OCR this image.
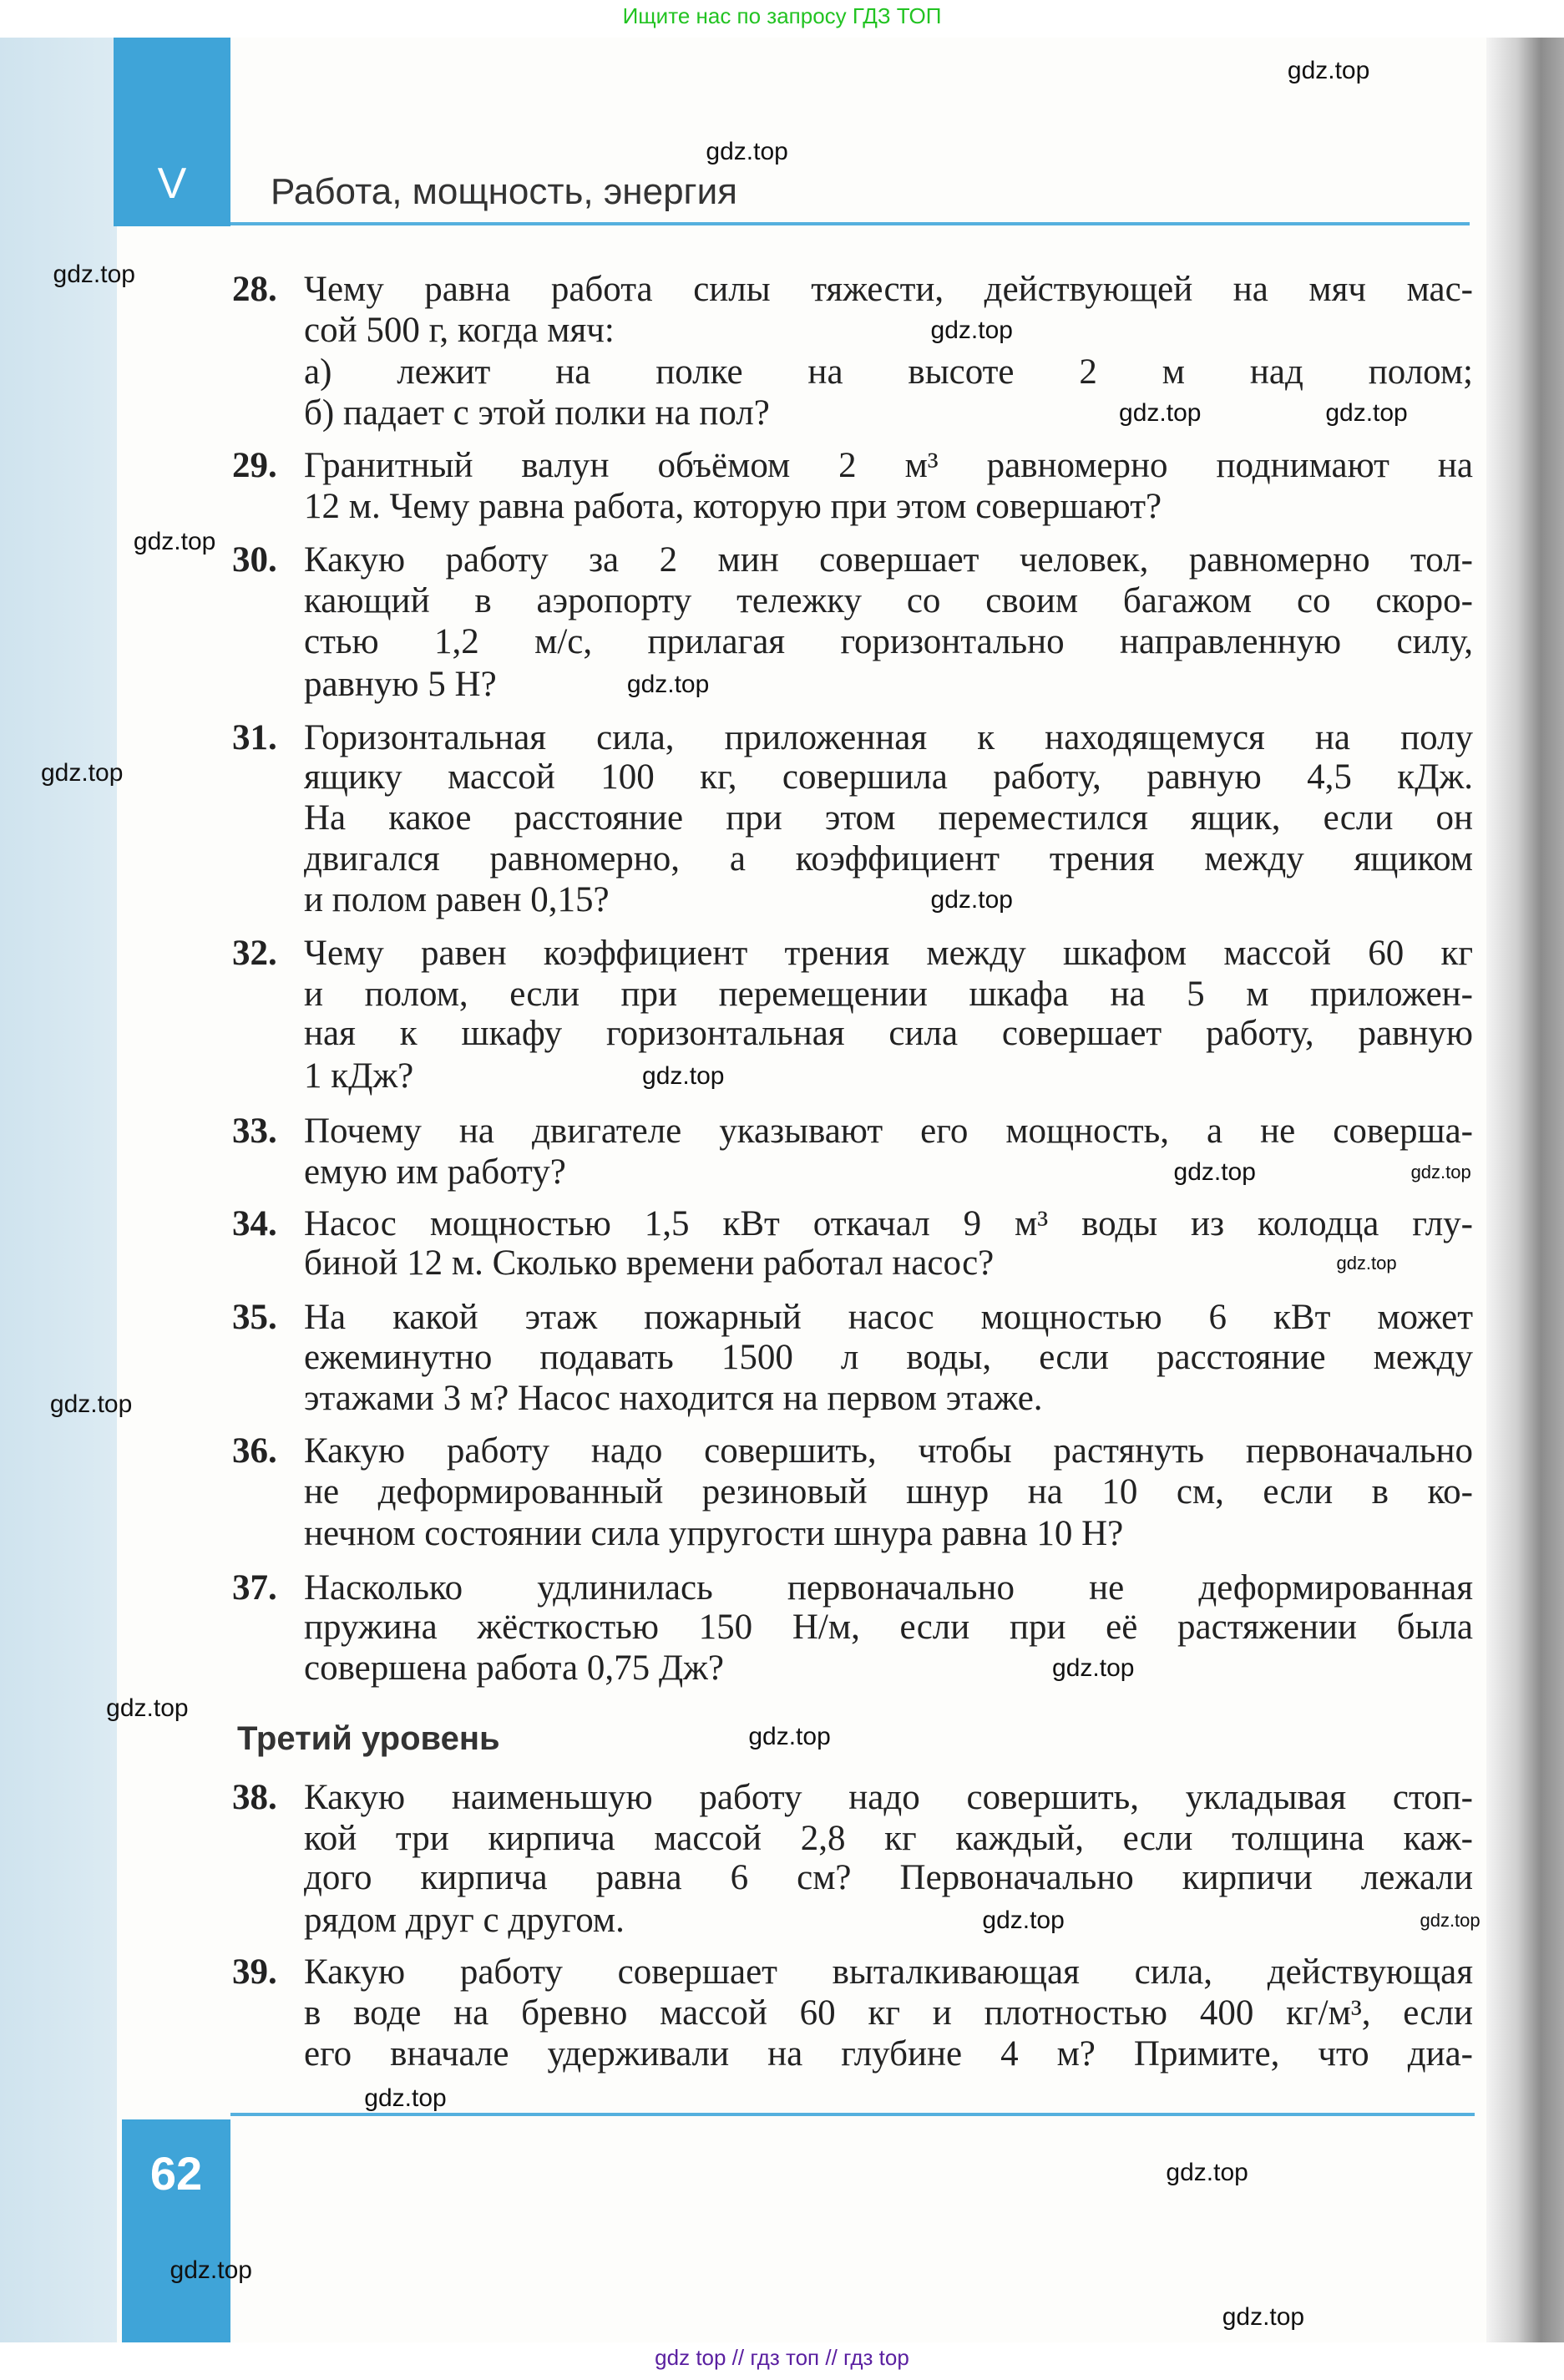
Ищите нас по запросу ГДЗ ТОП
V	Работа, мощность, энергия
28. Чему равна работа силы тяжести, действующей на мяч мас-
сой 500 г, когда мяч:
а) лежит на полке на высоте 2 м над полом;
б) падает с этой полки на пол?
29. Гранитный валун объёмом 2 м³ равномерно поднимают на
12 м. Чему равна работа, которую при этом совершают?
30. Какую работу за 2 мин совершает человек, равномерно тол-
кающий в аэропорту тележку со своим багажом со скоро-
стью 1,2 м/с, прилагая горизонтально направленную силу,
равную 5 Н?
31. Горизонтальная сила, приложенная к находящемуся на полу
ящику массой 100 кг, совершила работу, равную 4,5 кДж.
На какое расстояние при этом переместился ящик, если он
двигался равномерно, а коэффициент трения между ящиком
и полом равен 0,15?
32. Чему равен коэффициент трения между шкафом массой 60 кг
и полом, если при перемещении шкафа на 5 м приложен-
ная к шкафу горизонтальная сила совершает работу, равную
1 кДж?
33. Почему на двигателе указывают его мощность, а не соверша-
емую им работу?
34. Насос мощностью 1,5 кВт откачал 9 м³ воды из колодца глу-
биной 12 м. Сколько времени работал насос?
35. На какой этаж пожарный насос мощностью 6 кВт может
ежеминутно подавать 1500 л воды, если расстояние между
этажами 3 м? Насос находится на первом этаже.
36. Какую работу надо совершить, чтобы растянуть первоначально
не деформированный резиновый шнур на 10 см, если в ко-
нечном состоянии сила упругости шнура равна 10 Н?
37. Насколько удлинилась первоначально не деформированная
пружина жёсткостью 150 Н/м, если при её растяжении была
совершена работа 0,75 Дж?
38. Какую наименьшую работу надо совершить, укладывая стоп-
кой три кирпича массой 2,8 кг каждый, если толщина каж-
дого кирпича равна 6 см? Первоначально кирпичи лежали
рядом друг с другом.
39. Какую работу совершает выталкивающая сила, действующая
в воде на бревно массой 60 кг и плотностью 400 кг/м³, если
его вначале удерживали на глубине 4 м? Примите, что диа-
Третий уровень
62
gdz.top
gdz.top
gdz.top
gdz.top
gdz.top
gdz.top
gdz.top
gdz.top
gdz.top
gdz.top
gdz.top
gdz.top
gdz.top
gdz.top
gdz.top
gdz.top
gdz.top
gdz.top
gdz.top	gdz.top
gdz.top
gdz.top
gdz.top
gdz.top
gdz top // гдз топ // гдз top
